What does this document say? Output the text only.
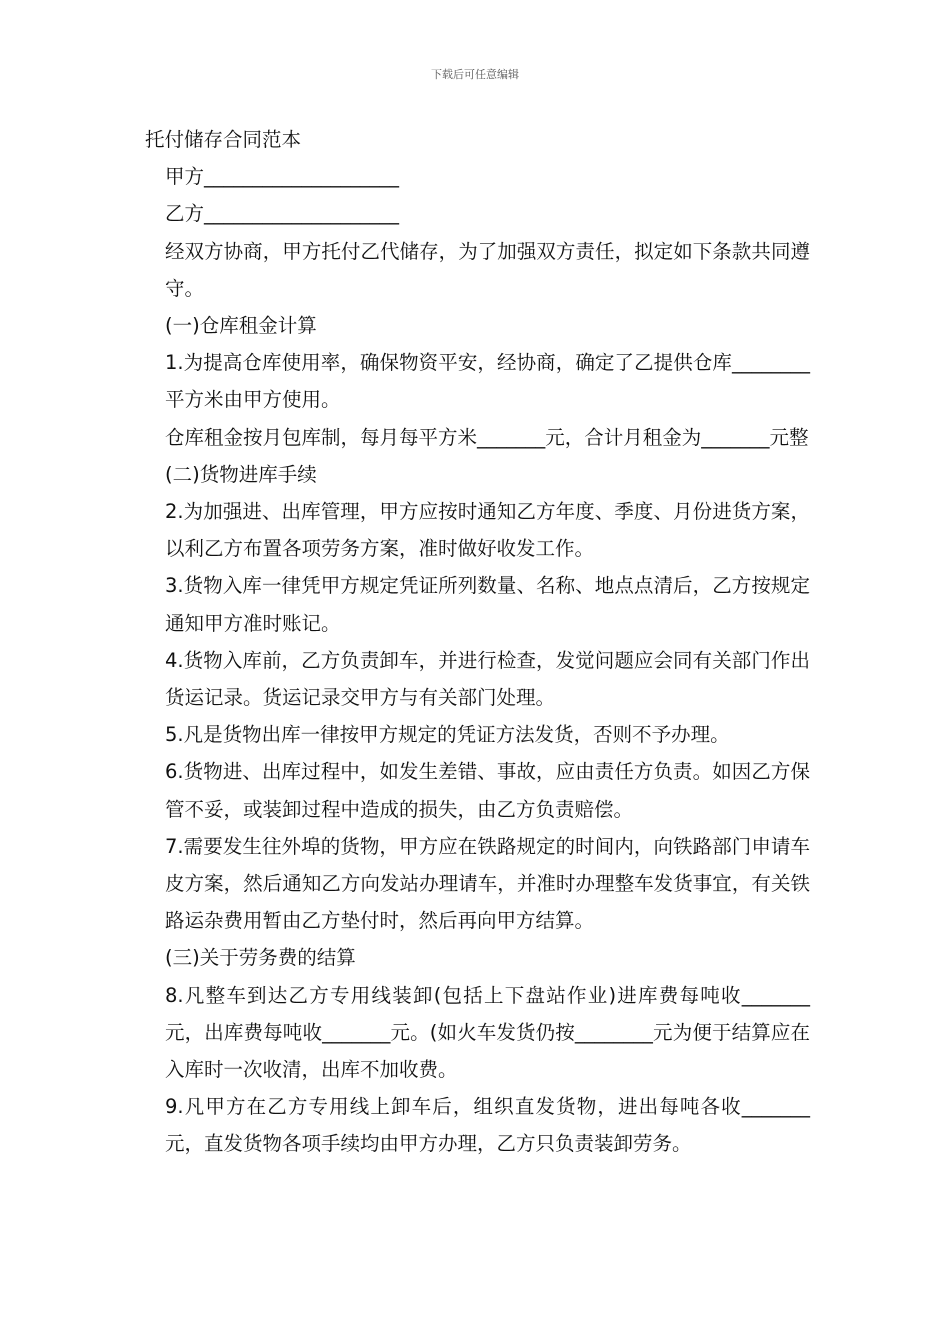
下载后可任意编辑

托付储存合同范本

甲方____________________

乙方____________________

经双方协商，甲方托付乙代储存，为了加强双方责任，拟定如下条款共同遵守。

(一)仓库租金计算

1.为提高仓库使用率，确保物资平安，经协商，确定了乙提供仓库________平方米由甲方使用。

仓库租金按月包库制，每月每平方米_______元，合计月租金为_______元整

(二)货物进库手续

2.为加强进、出库管理，甲方应按时通知乙方年度、季度、月份进货方案，以利乙方布置各项劳务方案，准时做好收发工作。

3.货物入库一律凭甲方规定凭证所列数量、名称、地点点清后，乙方按规定通知甲方准时账记。

4.货物入库前，乙方负责卸车，并进行检查，发觉问题应会同有关部门作出货运记录。货运记录交甲方与有关部门处理。

5.凡是货物出库一律按甲方规定的凭证方法发货，否则不予办理。

6.货物进、出库过程中，如发生差错、事故，应由责任方负责。如因乙方保管不妥，或装卸过程中造成的损失，由乙方负责赔偿。

7.需要发生往外埠的货物，甲方应在铁路规定的时间内，向铁路部门申请车皮方案，然后通知乙方向发站办理请车，并准时办理整车发货事宜，有关铁路运杂费用暂由乙方垫付时，然后再向甲方结算。

(三)关于劳务费的结算

8.凡整车到达乙方专用线装卸(包括上下盘站作业)进库费每吨收_______元，出库费每吨收_______元。(如火车发货仍按________元为便于结算应在入库时一次收清，出库不加收费。

9.凡甲方在乙方专用线上卸车后，组织直发货物，进出每吨各收_______元，直发货物各项手续均由甲方办理，乙方只负责装卸劳务。
